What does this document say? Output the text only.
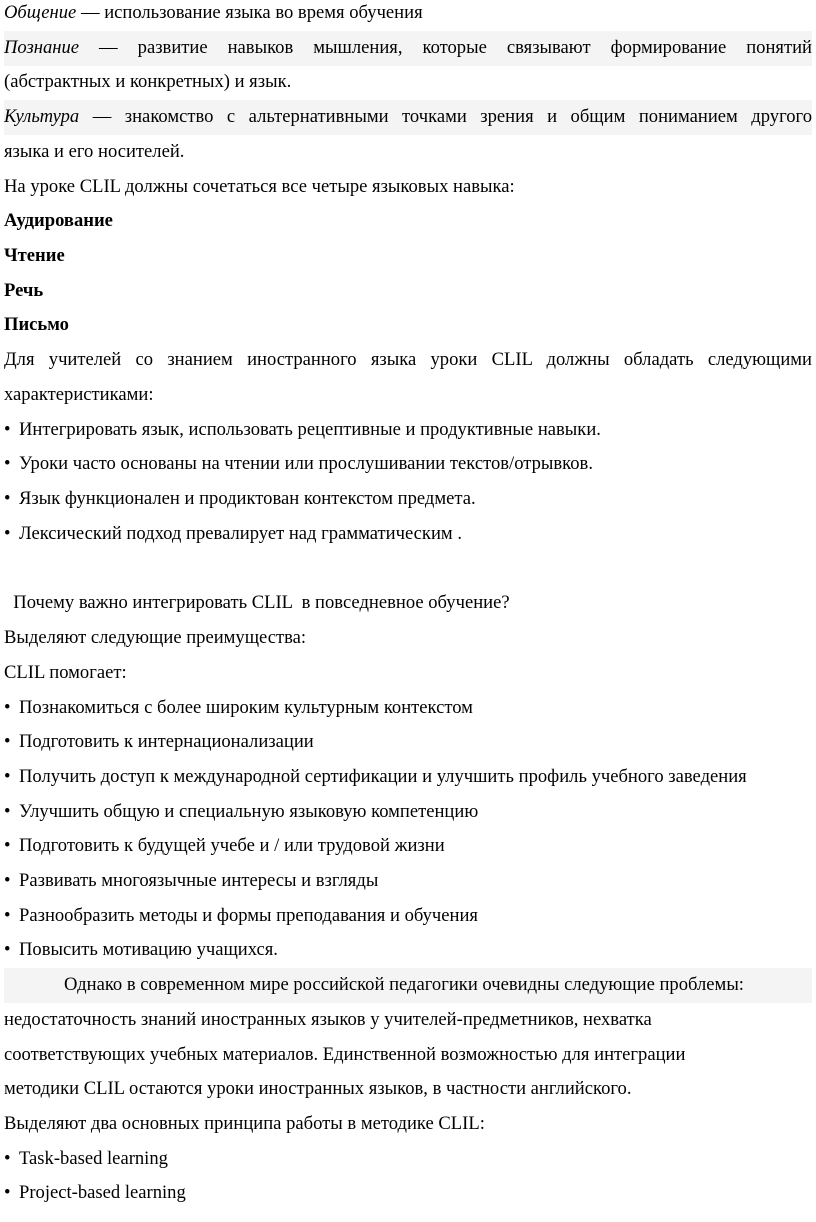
Общение — использование языка во время обучения
Познание — развитие навыков мышления, которые связывают формирование понятий
(абстрактных и конкретных) и язык.
Культура — знакомство с альтернативными точками зрения и общим пониманием другого
языка и его носителей.
На уроке CLIL должны сочетаться все четыре языковых навыка:
Аудирование
Чтение
Речь
Письмо
Для учителей со знанием иностранного языка уроки CLIL должны обладать следующими
характеристиками:
• Интегрировать язык, использовать рецептивные и продуктивные навыки.
• Уроки часто основаны на чтении или прослушивании текстов/отрывков.
• Язык функционален и продиктован контекстом предмета.
• Лексический подход превалирует над грамматическим .
Почему важно интегрировать CLIL  в повседневное обучение?
Выделяют следующие преимущества:
CLIL помогает:
• Познакомиться с более широким культурным контекстом
• Подготовить к интернационализации
• Получить доступ к международной сертификации и улучшить профиль учебного заведения
• Улучшить общую и специальную языковую компетенцию
• Подготовить к будущей учебе и / или трудовой жизни
• Развивать многоязычные интересы и взгляды
• Разнообразить методы и формы преподавания и обучения
• Повысить мотивацию учащихся.
Однако в современном мире российской педагогики очевидны следующие проблемы:
недостаточность знаний иностранных языков у учителей-предметников, нехватка
соответствующих учебных материалов. Единственной возможностью для интеграции
методики CLIL остаются уроки иностранных языков, в частности английского.
Выделяют два основных принципа работы в методике CLIL:
• Task-based learning
• Project-based learning
